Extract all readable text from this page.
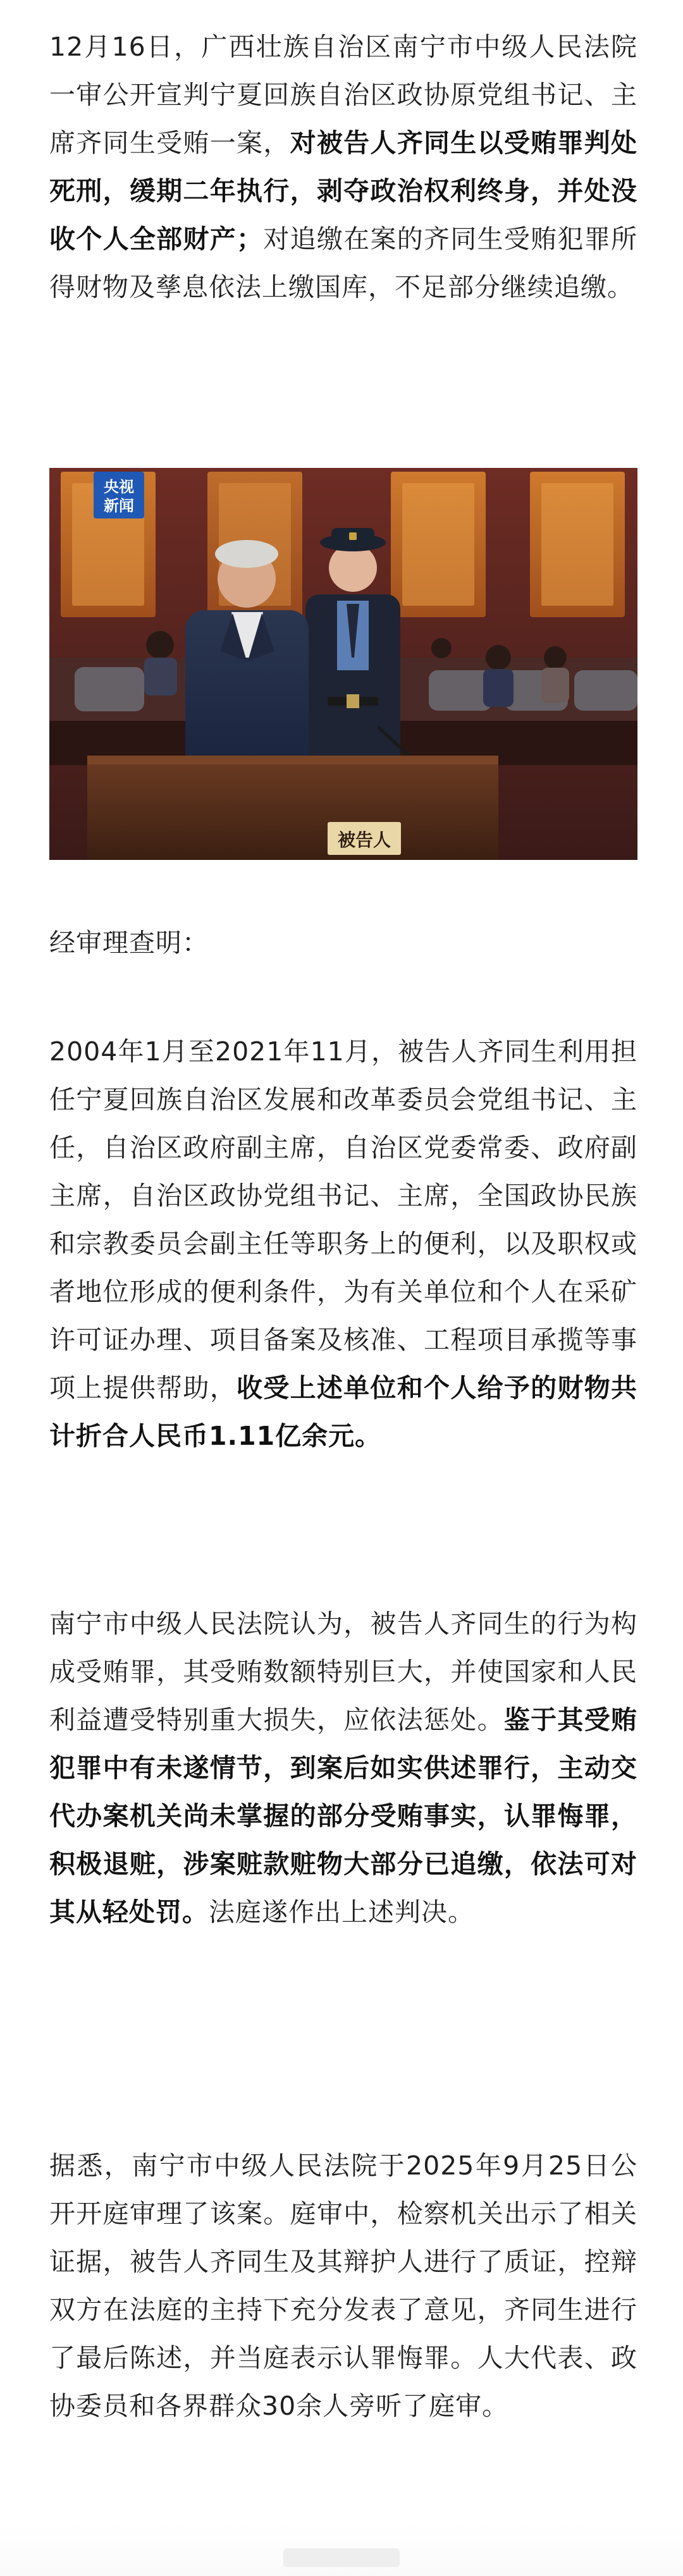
12月16日，广西壮族自治区南宁市中级人民法院一审公开宣判宁夏回族自治区政协原党组书记、主席齐同生受贿一案，对被告人齐同生以受贿罪判处死刑，缓期二年执行，剥夺政治权利终身，并处没收个人全部财产；对追缴在案的齐同生受贿犯罪所得财物及孳息依法上缴国库，不足部分继续追缴。

被告人
央视
新闻

经审理查明：

2004年1月至2021年11月，被告人齐同生利用担任宁夏回族自治区发展和改革委员会党组书记、主任，自治区政府副主席，自治区党委常委、政府副主席，自治区政协党组书记、主席，全国政协民族和宗教委员会副主任等职务上的便利，以及职权或者地位形成的便利条件，为有关单位和个人在采矿许可证办理、项目备案及核准、工程项目承揽等事项上提供帮助，收受上述单位和个人给予的财物共计折合人民币1.11亿余元。

南宁市中级人民法院认为，被告人齐同生的行为构成受贿罪，其受贿数额特别巨大，并使国家和人民利益遭受特别重大损失，应依法惩处。鉴于其受贿犯罪中有未遂情节，到案后如实供述罪行，主动交代办案机关尚未掌握的部分受贿事实，认罪悔罪，积极退赃，涉案赃款赃物大部分已追缴，依法可对其从轻处罚。法庭遂作出上述判决。

据悉，南宁市中级人民法院于2025年9月25日公开开庭审理了该案。庭审中，检察机关出示了相关证据，被告人齐同生及其辩护人进行了质证，控辩双方在法庭的主持下充分发表了意见，齐同生进行了最后陈述，并当庭表示认罪悔罪。人大代表、政协委员和各界群众30余人旁听了庭审。
